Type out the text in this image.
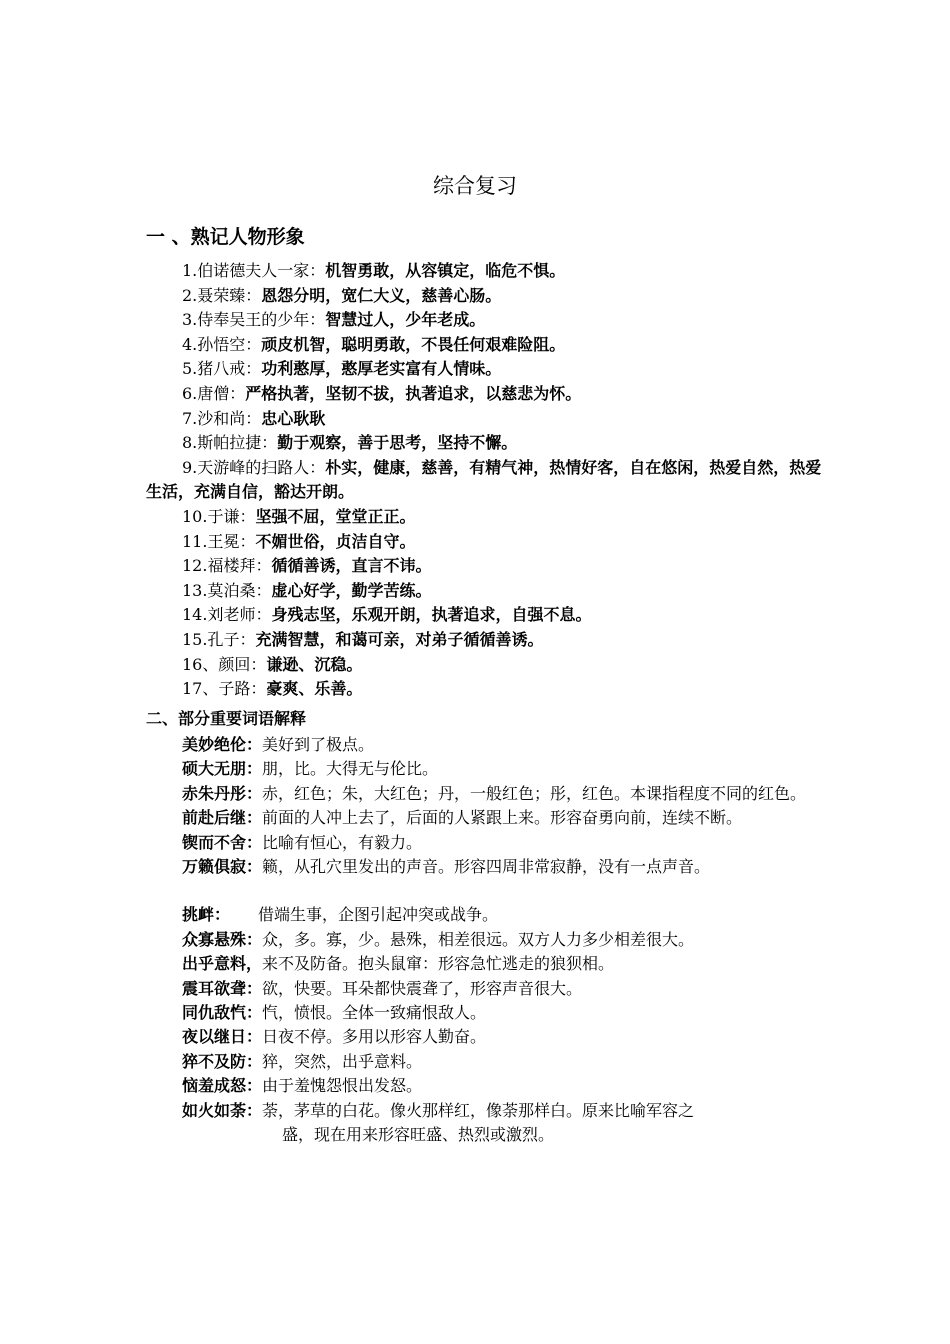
综合复习
一 、熟记人物形象
1.伯诺德夫人一家：机智勇敢，从容镇定，临危不惧。
2.聂荣臻：恩怨分明，宽仁大义，慈善心肠。
3.侍奉吴王的少年：智慧过人，少年老成。
4.孙悟空：顽皮机智，聪明勇敢，不畏任何艰难险阻。
5.猪八戒：功利憨厚，憨厚老实富有人情味。
6.唐僧：严格执著，坚韧不拔，执著追求，以慈悲为怀。
7.沙和尚：忠心耿耿
8.斯帕拉捷：勤于观察，善于思考，坚持不懈。
9.天游峰的扫路人：朴实，健康，慈善，有精气神，热情好客，自在悠闲，热爱自然，热爱生活，充满自信，豁达开朗。
10.于谦：坚强不屈，堂堂正正。
11.王冕：不媚世俗，贞洁自守。
12.福楼拜：循循善诱，直言不讳。
13.莫泊桑：虚心好学，勤学苦练。
14.刘老师：身残志坚，乐观开朗，执著追求，自强不息。
15.孔子：充满智慧，和蔼可亲，对弟子循循善诱。
16、颜回：谦逊、沉稳。
17、子路：豪爽、乐善。
二、部分重要词语解释
美妙绝伦：美好到了极点。
硕大无朋：朋，比。大得无与伦比。
赤朱丹彤：赤，红色；朱，大红色；丹，一般红色；彤，红色。本课指程度不同的红色。
前赴后继：前面的人冲上去了，后面的人紧跟上来。形容奋勇向前，连续不断。
锲而不舍：比喻有恒心，有毅力。
万籁俱寂：籁，从孔穴里发出的声音。形容四周非常寂静，没有一点声音。
挑衅： 借端生事，企图引起冲突或战争。
众寡悬殊：众，多。寡，少。悬殊，相差很远。双方人力多少相差很大。
出乎意料，来不及防备。抱头鼠窜：形容急忙逃走的狼狈相。
震耳欲聋：欲，快要。耳朵都快震聋了，形容声音很大。
同仇敌忾：忾，愤恨。全体一致痛恨敌人。
夜以继日：日夜不停。多用以形容人勤奋。
猝不及防：猝，突然，出乎意料。
恼羞成怒：由于羞愧怨恨出发怒。
如火如荼：荼，茅草的白花。像火那样红，像荼那样白。原来比喻军容之
盛，现在用来形容旺盛、热烈或激烈。
